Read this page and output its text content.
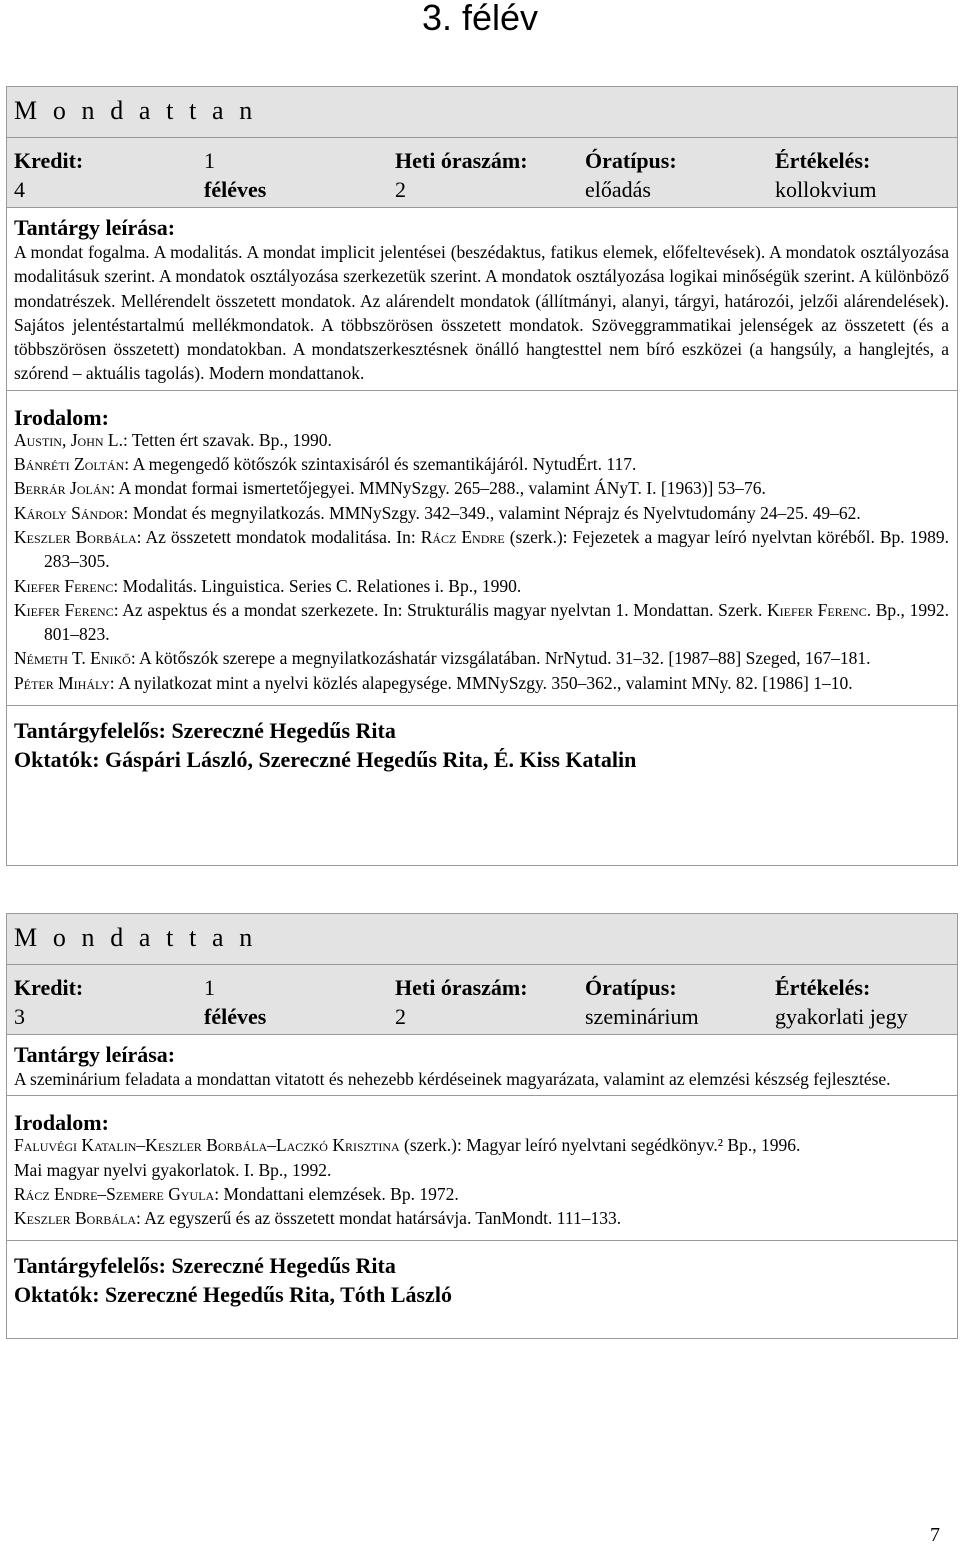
3. félév
M o n d a t t a n
Kredit:
4
1
féléves
Heti óraszám:
2
Óratípus:
előadás
Értékelés:
kollokvium
Tantárgy leírása:
A mondat fogalma. A modalitás. A mondat implicit jelentései (beszédaktus, fatikus elemek, előfeltevések). A mondatok osztályozása modalitásuk szerint. A mondatok osztályozása szerkezetük szerint. A mondatok osztályozása logikai minőségük szerint. A különböző mondatrészek. Mellérendelt összetett mondatok. Az alárendelt mondatok (állítmányi, alanyi, tárgyi, határozói, jelzői alárendelések). Sajátos jelentéstartalmú mellékmondatok. A többszörösen összetett mondatok. Szöveggrammatikai jelenségek az összetett (és a többszörösen összetett) mondatokban. A mondatszerkesztésnek önálló hangtesttel nem bíró eszközei (a hangsúly, a hanglejtés, a szórend – aktuális tagolás). Modern mondattanok.
Irodalom:

Austin, John L.: Tetten ért szavak. Bp., 1990.

Bánréti Zoltán: A megengedő kötőszók szintaxisáról és szemantikájáról. NytudÉrt. 117.

Berrár Jolán: A mondat formai ismertetőjegyei. MMNySzgy. 265–288., valamint ÁNyT. I. [1963)] 53–76.

Károly Sándor: Mondat és megnyilatkozás. MMNySzgy. 342–349., valamint Néprajz és Nyelvtudomány 24–25. 49–62.

Keszler Borbála: Az összetett mondatok modalitása. In: Rácz Endre (szerk.): Fejezetek a magyar leíró nyelvtan köréből. Bp. 1989. 283–305.

Kiefer Ferenc: Modalitás. Linguistica. Series C. Relationes i. Bp., 1990.

Kiefer Ferenc: Az aspektus és a mondat szerkezete. In: Strukturális magyar nyelvtan 1. Mondattan. Szerk. Kiefer Ferenc. Bp., 1992. 801–823.

Németh T. Enikő: A kötőszók szerepe a megnyilatkozáshatár vizsgálatában. NrNytud. 31–32. [1987–88] Szeged, 167–181.

Péter Mihály: A nyilatkozat mint a nyelvi közlés alapegysége. MMNySzgy. 350–362., valamint MNy. 82. [1986] 1–10.

Tantárgyfelelős: Szereczné Hegedűs Rita
Oktatók: Gáspári László, Szereczné Hegedűs Rita, É. Kiss Katalin
M o n d a t t a n
Kredit:
3
1
féléves
Heti óraszám:
2
Óratípus:
szeminárium
Értékelés:
gyakorlati jegy
Tantárgy leírása:
A szeminárium feladata a mondattan vitatott és nehezebb kérdéseinek magyarázata, valamint az elemzési készség fejlesztése.
Irodalom:

Faluvégi Katalin–Keszler Borbála–Laczkó Krisztina (szerk.): Magyar leíró nyelvtani segédkönyv.² Bp., 1996.

Mai magyar nyelvi gyakorlatok. I. Bp., 1992.

Rácz Endre–Szemere Gyula: Mondattani elemzések. Bp. 1972.

Keszler Borbála: Az egyszerű és az összetett mondat határsávja. TanMondt. 111–133.

Tantárgyfelelős: Szereczné Hegedűs Rita
Oktatók: Szereczné Hegedűs Rita, Tóth László
7
